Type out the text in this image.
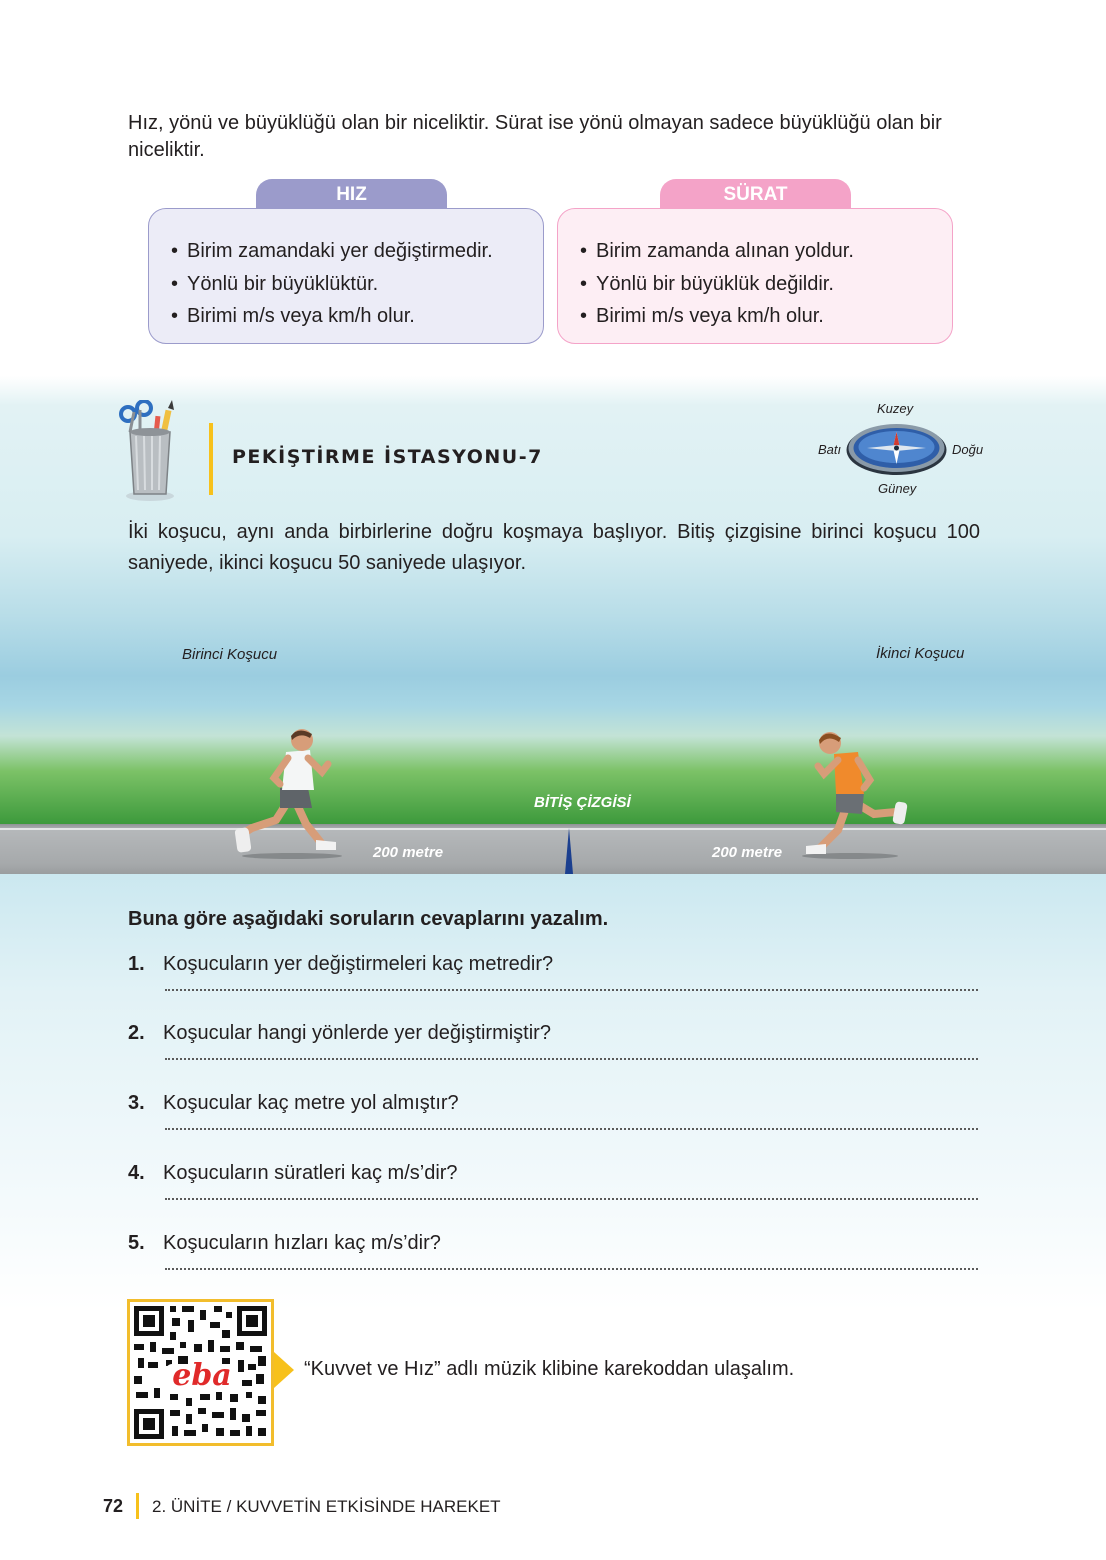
Hız, yönü ve büyüklüğü olan bir niceliktir. Sürat ise yönü olmayan sadece büyüklüğü olan bir niceliktir.

HIZ
• Birim zamandaki yer değiştirmedir.
• Yönlü bir büyüklüktür.
• Birimi m/s veya km/h olur.
SÜRAT
• Birim zamanda alınan yoldur.
• Yönlü bir büyüklük değildir.
• Birimi m/s veya km/h olur.
PEKİŞTİRME İSTASYONU-7
Kuzey
Güney
Batı	Doğu

İki koşucu, aynı anda birbirlerine doğru koşmaya başlıyor. Bitiş çizgisine birinci koşucu 100 saniyede, ikinci koşucu 50 saniyede ulaşıyor.

Birinci Koşucu	İkinci Koşucu
BİTİŞ ÇİZGİSİ
200 metre	200 metre
Buna göre aşağıdaki soruların cevaplarını yazalım.
1. Koşucuların yer değiştirmeleri kaç metredir?
2. Koşucular hangi yönlerde yer değiştirmiştir?
3. Koşucular kaç metre yol almıştır?
4. Koşucuların süratleri kaç m/s’dir?
5. Koşucuların hızları kaç m/s’dir?
eba	“Kuvvet ve Hız” adlı müzik klibine karekoddan ulaşalım.
72 2. ÜNİTE / KUVVETİN ETKİSİNDE HAREKET
